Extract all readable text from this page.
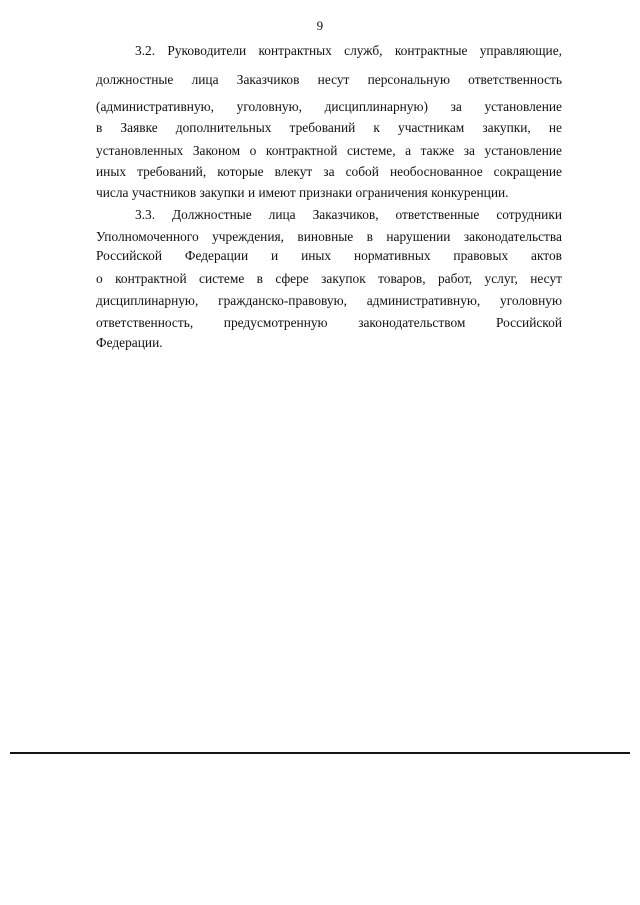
9
3.2. Руководители контрактных служб, контрактные управляющие,
должностные лица Заказчиков несут персональную ответственность
(административную, уголовную, дисциплинарную) за установление
в Заявке дополнительных требований к участникам закупки, не
установленных Законом о контрактной системе, а также за установление
иных требований, которые влекут за собой необоснованное сокращение
числа участников закупки и имеют признаки ограничения конкуренции.
3.3. Должностные лица Заказчиков, ответственные сотрудники
Уполномоченного учреждения, виновные в нарушении законодательства
Российской Федерации и иных нормативных правовых актов
о контрактной системе в сфере закупок товаров, работ, услуг, несут
дисциплинарную, гражданско-правовую, административную, уголовную
ответственность, предусмотренную законодательством Российской
Федерации.
